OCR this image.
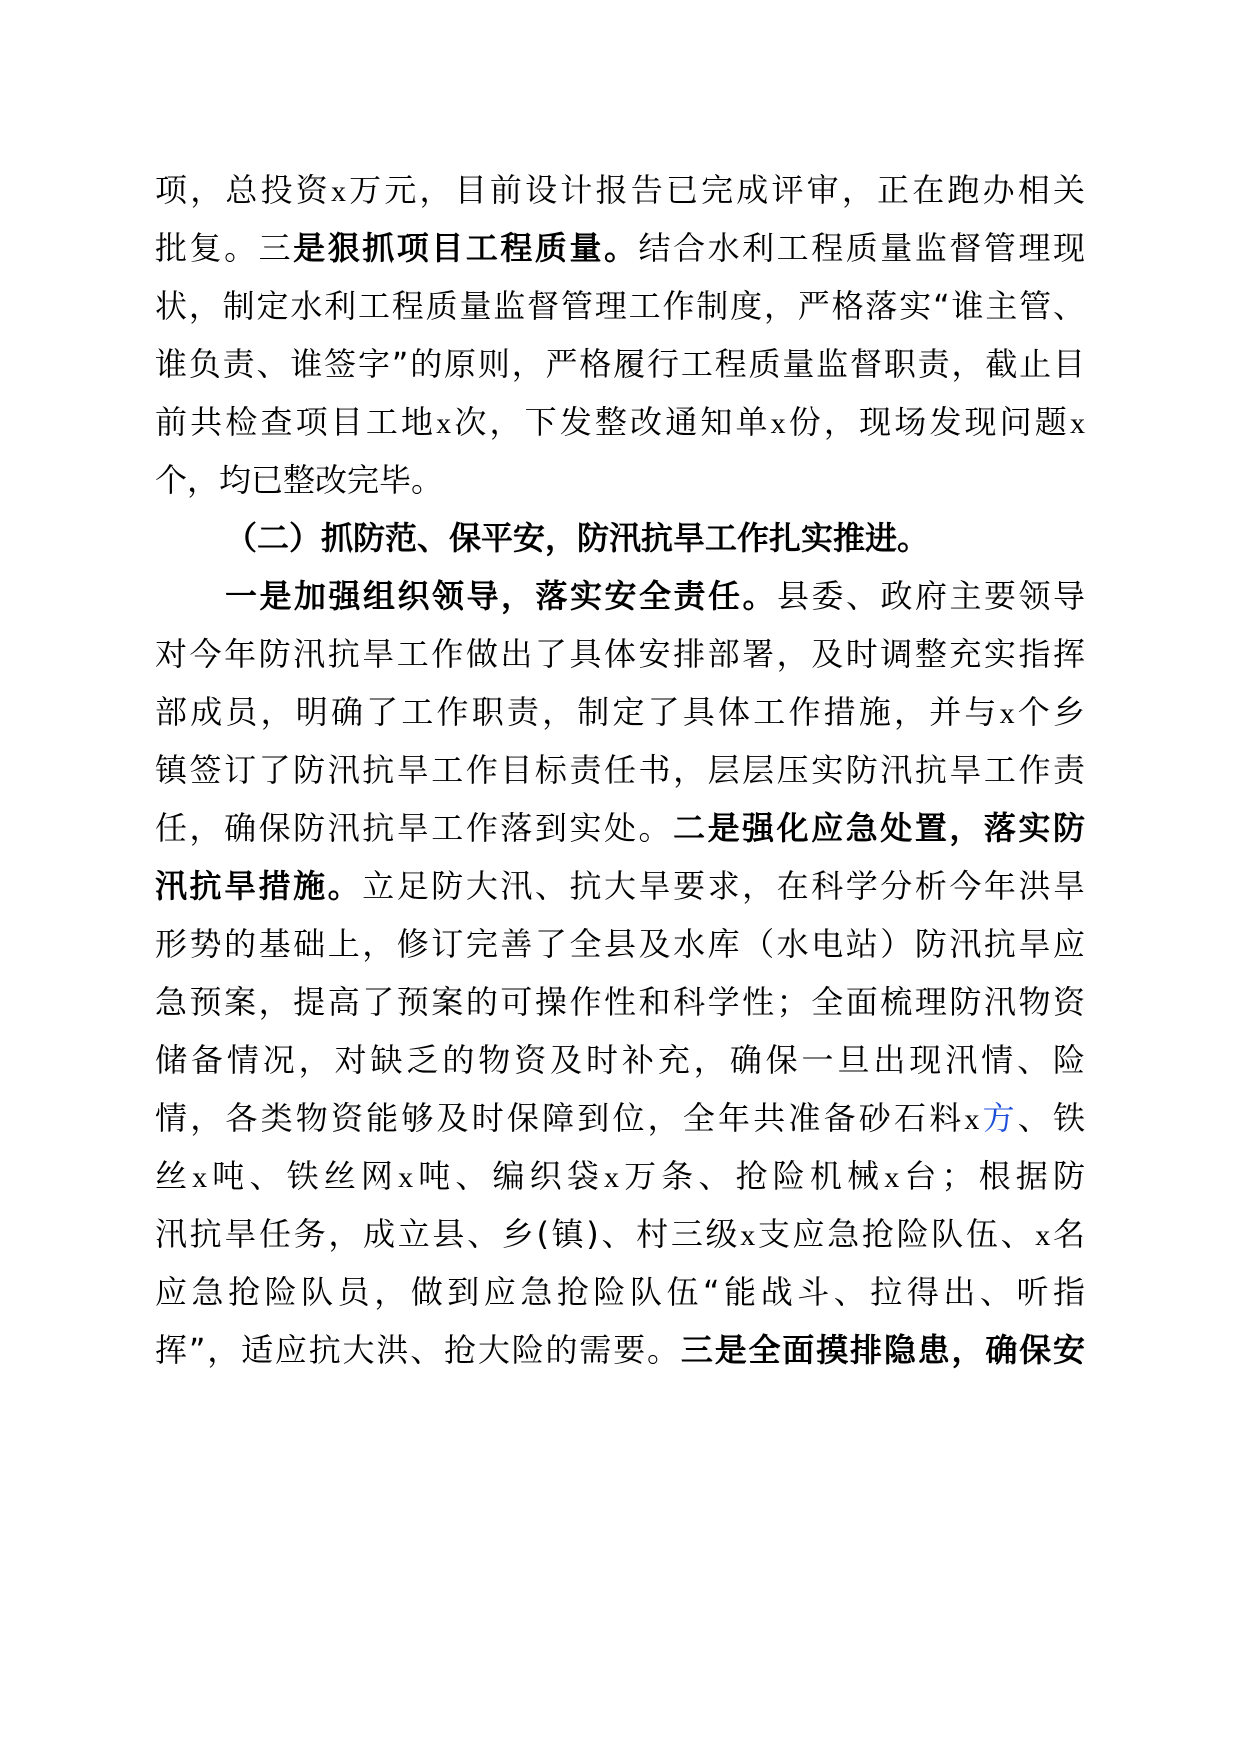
项，总投资x万元，目前设计报告已完成评审，正在跑办相关
批复。三是狠抓项目工程质量。结合水利工程质量监督管理现
状，制定水利工程质量监督管理工作制度，严格落实“谁主管、
谁负责、谁签字”的原则，严格履行工程质量监督职责，截止目
前共检查项目工地x次，下发整改通知单x份，现场发现问题x
个，均已整改完毕。
（二）抓防范、保平安，防汛抗旱工作扎实推进。
一是加强组织领导，落实安全责任。县委、政府主要领导
对今年防汛抗旱工作做出了具体安排部署，及时调整充实指挥
部成员，明确了工作职责，制定了具体工作措施，并与x个乡
镇签订了防汛抗旱工作目标责任书，层层压实防汛抗旱工作责
任，确保防汛抗旱工作落到实处。二是强化应急处置，落实防
汛抗旱措施。立足防大汛、抗大旱要求，在科学分析今年洪旱
形势的基础上，修订完善了全县及水库（水电站）防汛抗旱应
急预案，提高了预案的可操作性和科学性；全面梳理防汛物资
储备情况，对缺乏的物资及时补充，确保一旦出现汛情、险
情，各类物资能够及时保障到位，全年共准备砂石料x方、铁
丝x吨、铁丝网x吨、编织袋x万条、抢险机械x台；根据防
汛抗旱任务，成立县、乡(镇)、村三级x支应急抢险队伍、x名
应急抢险队员，做到应急抢险队伍“能战斗、拉得出、听指
挥”，适应抗大洪、抢大险的需要。三是全面摸排隐患，确保安
